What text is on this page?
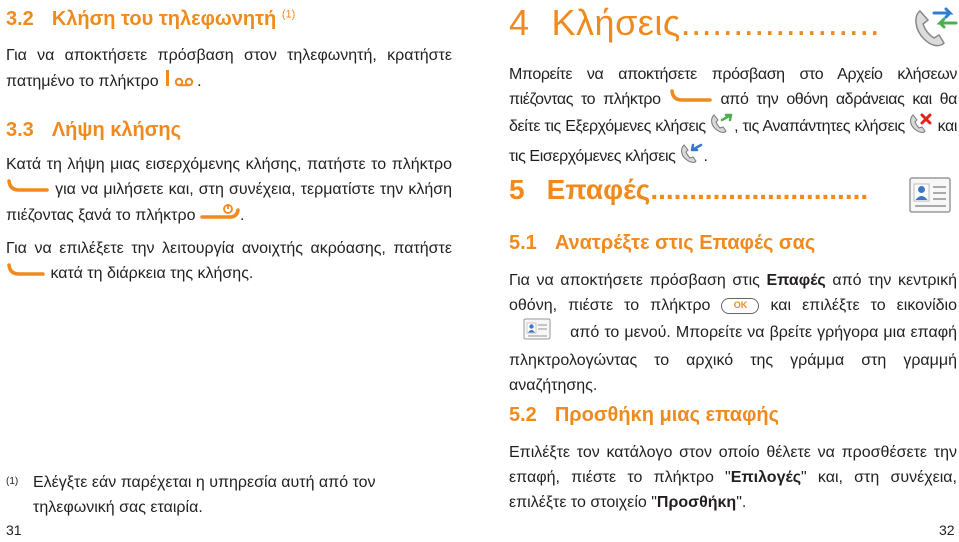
3.2 Κλήση του τηλεφωνητή $^{(1)}$
Για να αποκτήσετε πρόσβαση στον τηλεφωνητή, κρατήστε πατημένο το πλήκτρο .
3.3 Λήψη κλήσης
Κατά τη λήψη μιας εισερχόμενης κλήσης, πατήστε το πλήκτρο  για να μιλήσετε και, στη συνέχεια, τερματίστε την κλήση πιέζοντας ξανά το πλήκτρο	.
Για να επιλέξετε την λειτουργία ανοιχτής ακρόασης, πατήστε  κατά τη διάρκεια της κλήσης.
(1) Ελέγξτε εάν παρέχεται η υπηρεσία αυτή από τον τηλεφωνική σας εταιρία.
31
4 Κλήσεις...................
Μπορείτε να αποκτήσετε πρόσβαση στο Αρχείο κλήσεων πιέζοντας το πλήκτρο	από την οθόνη αδράνειας και θα δείτε τις Εξερχόμενες κλήσεις , τις Αναπάντητες κλήσεις και τις Εισερχόμενες κλήσεις .
5 Επαφές............................
5.1 Ανατρέξτε στις Επαφές σας
Για να αποκτήσετε πρόσβαση στις Επαφές από την κεντρική οθόνη, πιέστε το πλήκτρο	OK και επιλέξτε το εικονίδιο  από το μενού. Μπορείτε να βρείτε γρήγορα μια επαφή πληκτρολογώντας το αρχικό της γράμμα στη γραμμή αναζήτησης.
5.2 Προσθήκη μιας επαφής
Επιλέξτε τον κατάλογο στον οποίο θέλετε να προσθέσετε την επαφή, πιέστε το πλήκτρο "Επιλογές" και, στη συνέχεια, επιλέξτε το στοιχείο "Προσθήκη".
32
